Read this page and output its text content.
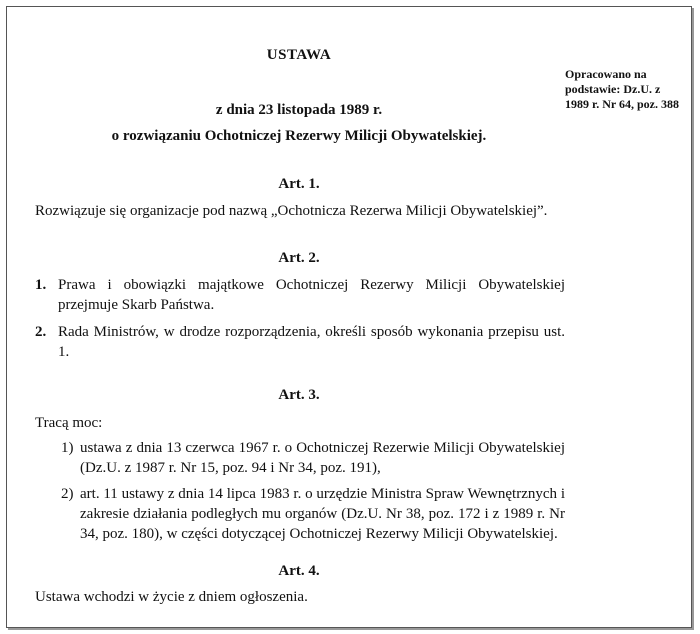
USTAWA
Opracowano na podstawie: Dz.U. z 1989 r. Nr 64, poz. 388
z dnia 23 listopada 1989 r.
o rozwiązaniu Ochotniczej Rezerwy Milicji Obywatelskiej.
Art. 1.
Rozwiązuje się organizacje pod nazwą „Ochotnicza Rezerwa Milicji Obywatelskiej”.
Art. 2.
1. Prawa i obowiązki majątkowe Ochotniczej Rezerwy Milicji Obywatelskiej przejmuje Skarb Państwa.
2. Rada Ministrów, w drodze rozporządzenia, określi sposób wykonania przepisu ust. 1.
Art. 3.
Tracą moc:
1) ustawa z dnia 13 czerwca 1967 r. o Ochotniczej Rezerwie Milicji Obywatelskiej (Dz.U. z 1987 r. Nr 15, poz. 94 i Nr 34, poz. 191),
2) art. 11 ustawy z dnia 14 lipca 1983 r. o urzędzie Ministra Spraw Wewnętrznych i zakresie działania podległych mu organów (Dz.U. Nr 38, poz. 172 i z 1989 r. Nr 34, poz. 180), w części dotyczącej Ochotniczej Rezerwy Milicji Obywatelskiej.
Art. 4.
Ustawa wchodzi w życie z dniem ogłoszenia.
